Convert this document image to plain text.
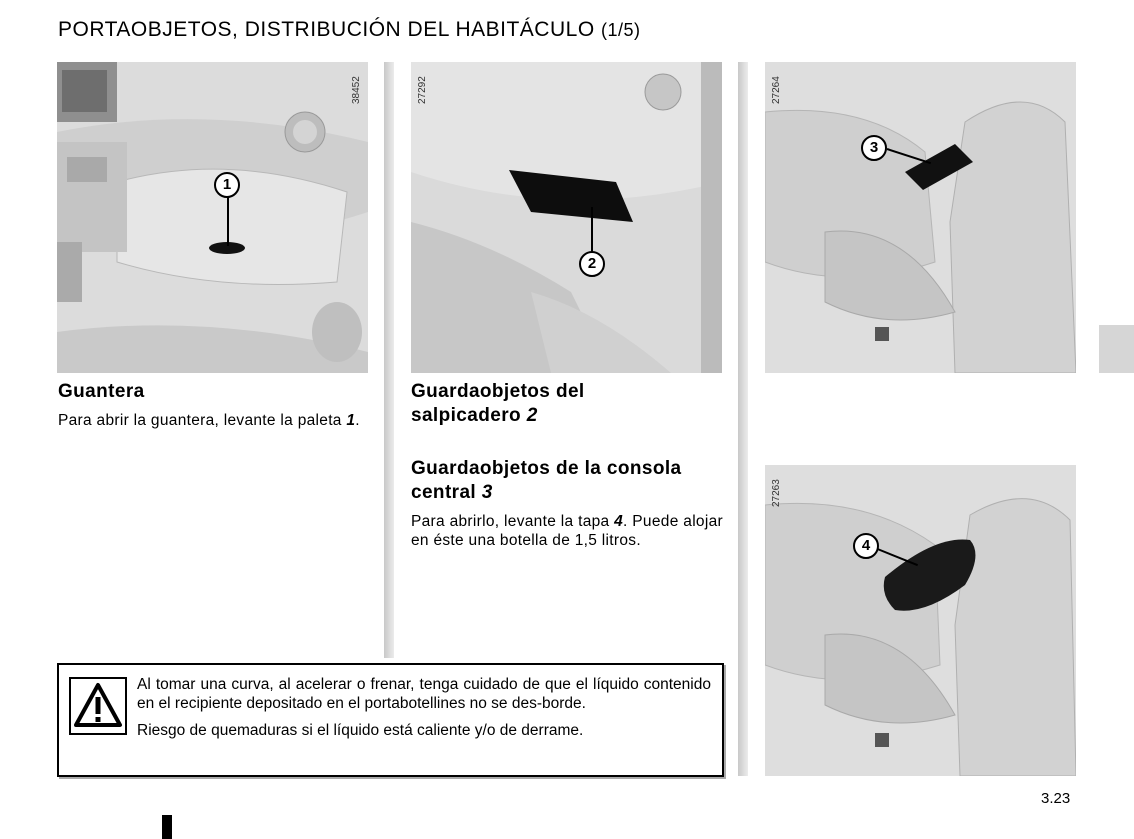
PORTAOBJETOS, DISTRIBUCIÓN DEL HABITÁCULO (1/5)
38452
1
27292
2
27264
3
27263
4
Guantera
Para abrir la guantera, levante la paleta 1.
Guardaobjetos del
salpicadero 2
Guardaobjetos de la consola
central 3
Para abrirlo, levante la tapa 4. Puede alojar en éste una botella de 1,5 litros.
Al tomar una curva, al acelerar o frenar, tenga cuidado de que el líquido contenido en el recipiente depositado en el portabotellines no se des-borde.
Riesgo de quemaduras si el líquido está caliente y/o de derrame.
3.23
